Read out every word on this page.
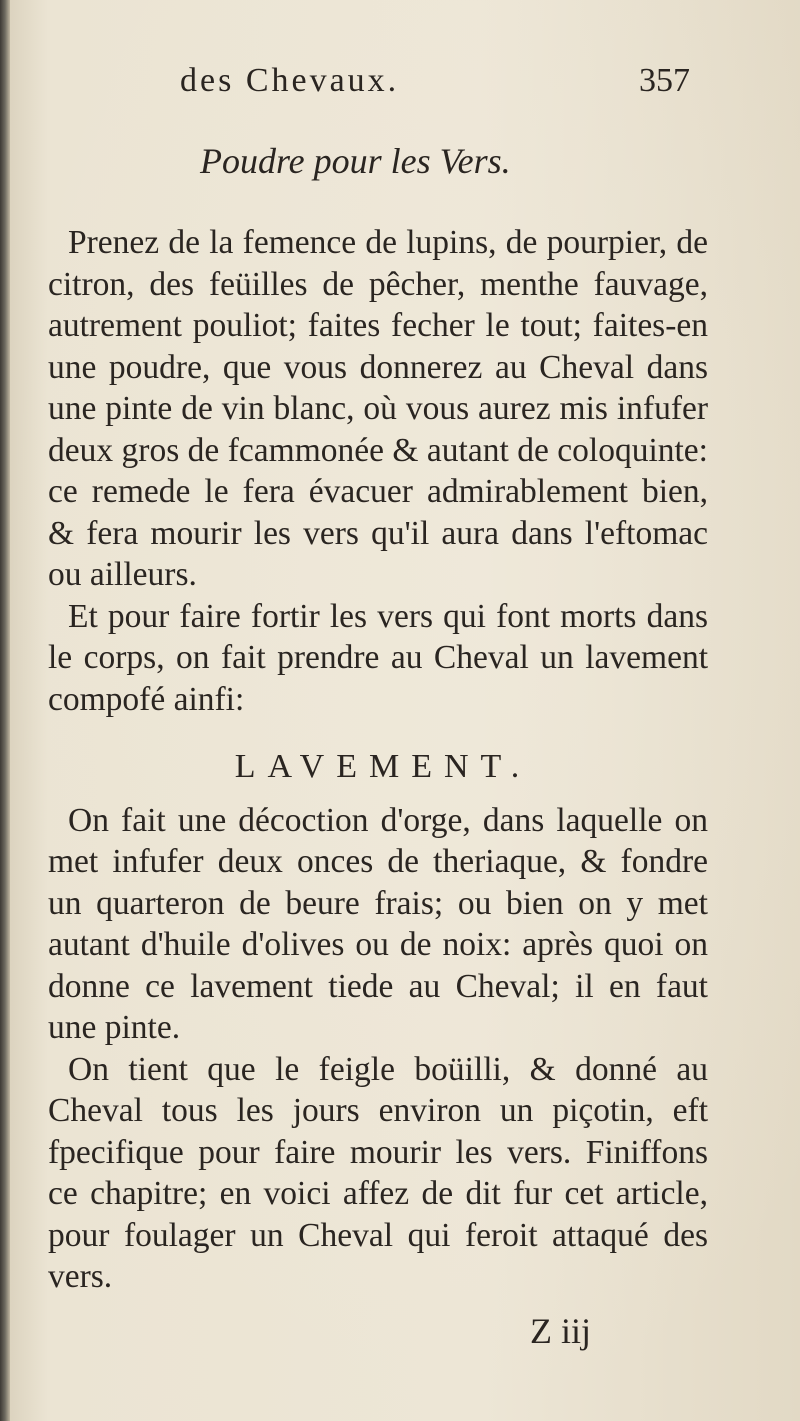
des Chevaux.	357
Poudre pour les Vers.

Prenez de la femence de lupins, de pourpier, de citron, des feüilles de pêcher, menthe fauvage, autrement pouliot; faites fecher le tout; faites-en une poudre, que vous donnerez au Cheval dans une pinte de vin blanc, où vous aurez mis infufer deux gros de fcammonée & autant de coloquinte: ce remede le fera évacuer admirablement bien, & fera mourir les vers qu'il aura dans l'eftomac ou ailleurs.

Et pour faire fortir les vers qui font morts dans le corps, on fait prendre au Cheval un lavement compofé ainfi:

LAVEMENT.

On fait une décoction d'orge, dans laquelle on met infufer deux onces de theriaque, & fondre un quarteron de beure frais; ou bien on y met autant d'huile d'olives ou de noix: après quoi on donne ce lavement tiede au Cheval; il en faut une pinte.

On tient que le feigle boüilli, & donné au Cheval tous les jours environ un piçotin, eft fpecifique pour faire mourir les vers. Finiffons ce chapitre; en voici affez de dit fur cet article, pour foulager un Cheval qui feroit attaqué des vers.

Z iij
